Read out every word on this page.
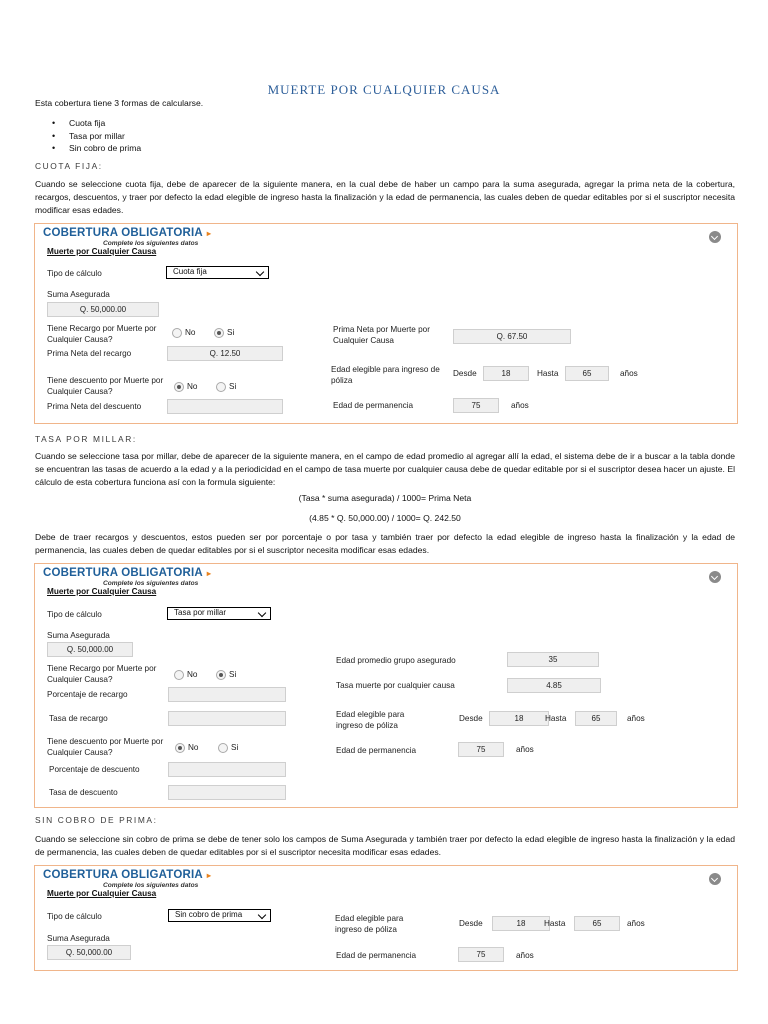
MUERTE POR CUALQUIER CAUSA
Esta cobertura tiene 3 formas de calcularse.
• Cuota fija
• Tasa por millar
• Sin cobro de prima
CUOTA FIJA:
Cuando se seleccione cuota fija, debe de aparecer de la siguiente manera, en la cual debe de haber un campo para la suma asegurada, agregar la prima neta de la cobertura, recargos, descuentos, y traer por defecto la edad elegible de ingreso hasta la finalización y la edad de permanencia, las cuales deben de quedar editables por si el suscriptor necesita modificar esas edades.
COBERTURA OBLIGATORIA ▸
Complete los siguientes datos
Muerte por Cualquier Causa
Tipo de cálculo	Cuota fija
Suma Asegurada
Q. 50,000.00
Tiene Recargo por Muerte por Cualquier Causa?
No	Si
Prima Neta del recargo	Q. 12.50
Tiene descuento por Muerte por Cualquier Causa?	No	Si
Prima Neta del descuento
Prima Neta por Muerte por Cualquier Causa	Q. 67.50
Edad elegible para ingreso de póliza
Desde	18	Hasta	65	años
Edad de permanencia	75	años
TASA POR MILLAR:
Cuando se seleccione tasa por millar, debe de aparecer de la siguiente manera, en el campo de edad promedio al agregar allí la edad, el sistema debe de ir a buscar a la tabla donde se encuentran las tasas de acuerdo a la edad y a la periodicidad en el campo de tasa muerte por cualquier causa debe de quedar editable por si el suscriptor desea hacer un ajuste. El cálculo de esta cobertura funciona así con la formula siguiente:
(Tasa * suma asegurada) / 1000= Prima Neta
(4.85 * Q. 50,000.00) / 1000= Q. 242.50
Debe de traer recargos y descuentos, estos pueden ser por porcentaje o por tasa y también traer por defecto la edad elegible de ingreso hasta la finalización y la edad de permanencia, las cuales deben de quedar editables por si el suscriptor necesita modificar esas edades.
COBERTURA OBLIGATORIA ▸
Complete los siguientes datos
Muerte por Cualquier Causa
Tipo de cálculo	Tasa por millar
Suma Asegurada
Q. 50,000.00
Tiene Recargo por Muerte por Cualquier Causa?	No	Si
Porcentaje de recargo
Tasa de recargo
Tiene descuento por Muerte por Cualquier Causa?	No	Si
Porcentaje de descuento
Tasa de descuento
Edad promedio grupo asegurado	35
Tasa muerte por cualquier causa	4.85
Edad elegible para ingreso de póliza
Desde	18	Hasta	65	años
Edad de permanencia	75	años
SIN COBRO DE PRIMA:
Cuando se seleccione sin cobro de prima se debe de tener solo los campos de Suma Asegurada y también traer por defecto la edad elegible de ingreso hasta la finalización y la edad de permanencia, las cuales deben de quedar editables por si el suscriptor necesita modificar esas edades.
COBERTURA OBLIGATORIA ▸
Complete los siguientes datos
Muerte por Cualquier Causa
Tipo de cálculo	Sin cobro de prima
Suma Asegurada
Q. 50,000.00
Edad elegible para ingreso de póliza
Desde	18	Hasta	65	años
Edad de permanencia	75	años
